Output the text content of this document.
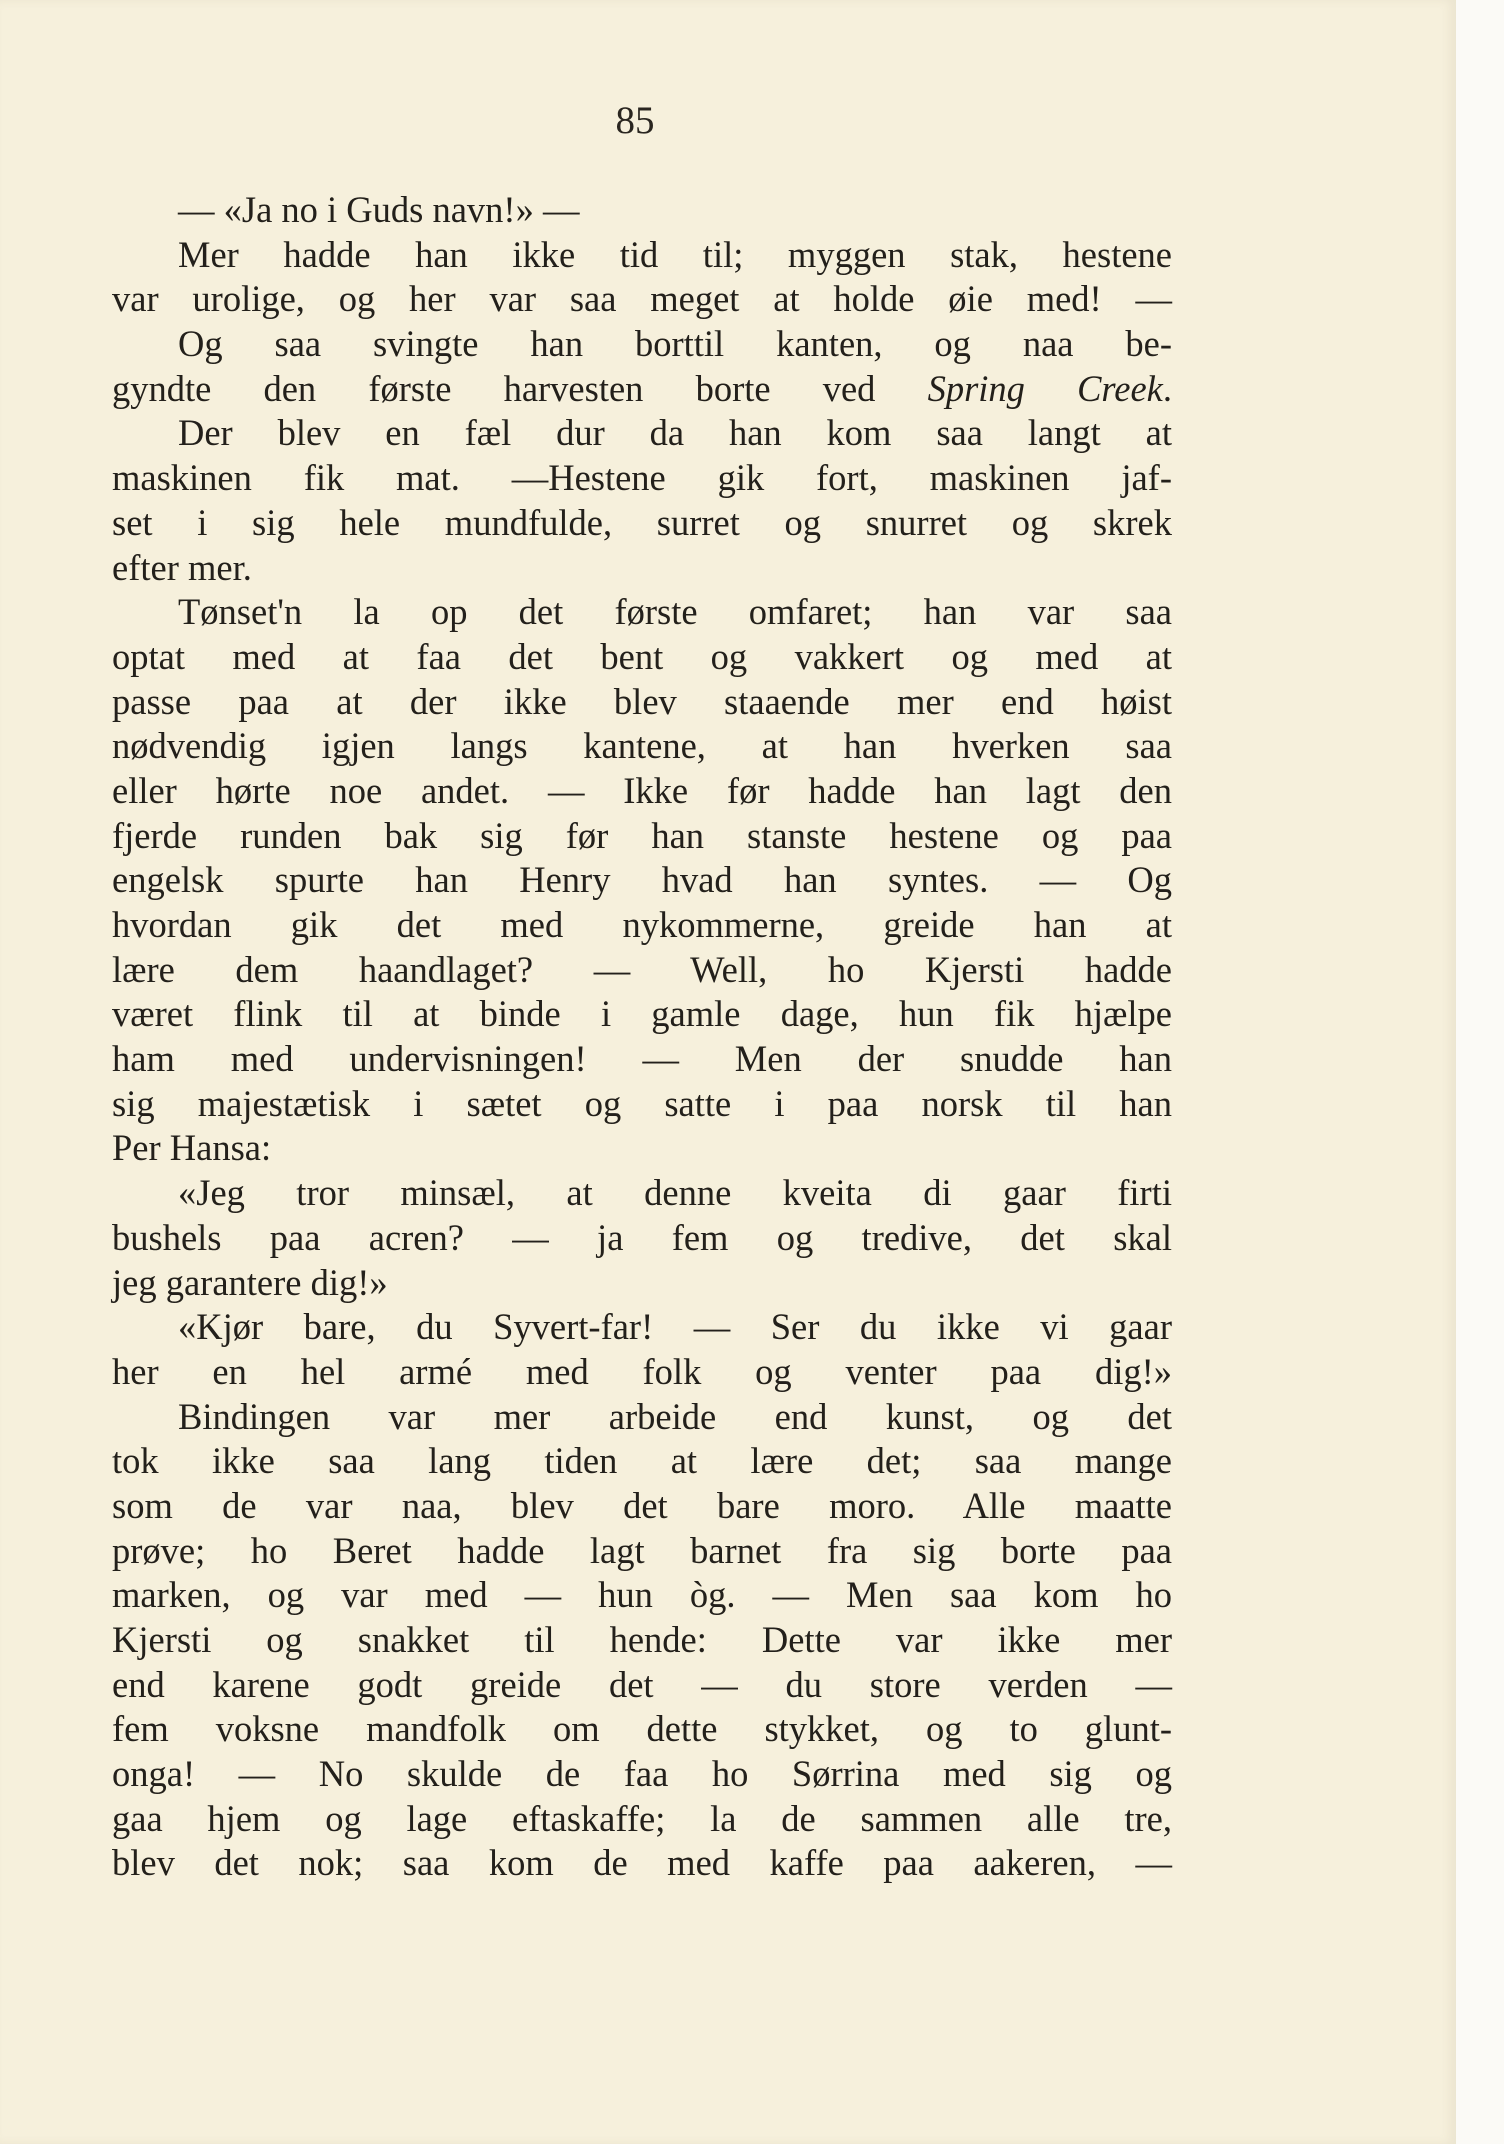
85
— «Ja no i Guds navn!» —
Mer hadde han ikke tid til; myggen stak, hestene
var urolige, og her var saa meget at holde øie med! —
Og saa svingte han borttil kanten, og naa be-
gyndte den første harvesten borte ved Spring Creek.
Der blev en fæl dur da han kom saa langt at
maskinen fik mat. —Hestene gik fort, maskinen jaf-
set i sig hele mundfulde, surret og snurret og skrek
efter mer.
Tønset'n la op det første omfaret; han var saa
optat med at faa det bent og vakkert og med at
passe paa at der ikke blev staaende mer end høist
nødvendig igjen langs kantene, at han hverken saa
eller hørte noe andet. — Ikke før hadde han lagt den
fjerde runden bak sig før han stanste hestene og paa
engelsk spurte han Henry hvad han syntes. — Og
hvordan gik det med nykommerne, greide han at
lære dem haandlaget? — Well, ho Kjersti hadde
været flink til at binde i gamle dage, hun fik hjælpe
ham med undervisningen! — Men der snudde han
sig majestætisk i sætet og satte i paa norsk til han
Per Hansa:
«Jeg tror minsæl, at denne kveita di gaar firti
bushels paa acren? — ja fem og tredive, det skal
jeg garantere dig!»
«Kjør bare, du Syvert-far! — Ser du ikke vi gaar
her en hel armé med folk og venter paa dig!»
Bindingen var mer arbeide end kunst, og det
tok ikke saa lang tiden at lære det; saa mange
som de var naa, blev det bare moro. Alle maatte
prøve; ho Beret hadde lagt barnet fra sig borte paa
marken, og var med — hun òg. — Men saa kom ho
Kjersti og snakket til hende: Dette var ikke mer
end karene godt greide det — du store verden —
fem voksne mandfolk om dette stykket, og to glunt-
onga! — No skulde de faa ho Sørrina med sig og
gaa hjem og lage eftaskaffe; la de sammen alle tre,
blev det nok; saa kom de med kaffe paa aakeren, —
